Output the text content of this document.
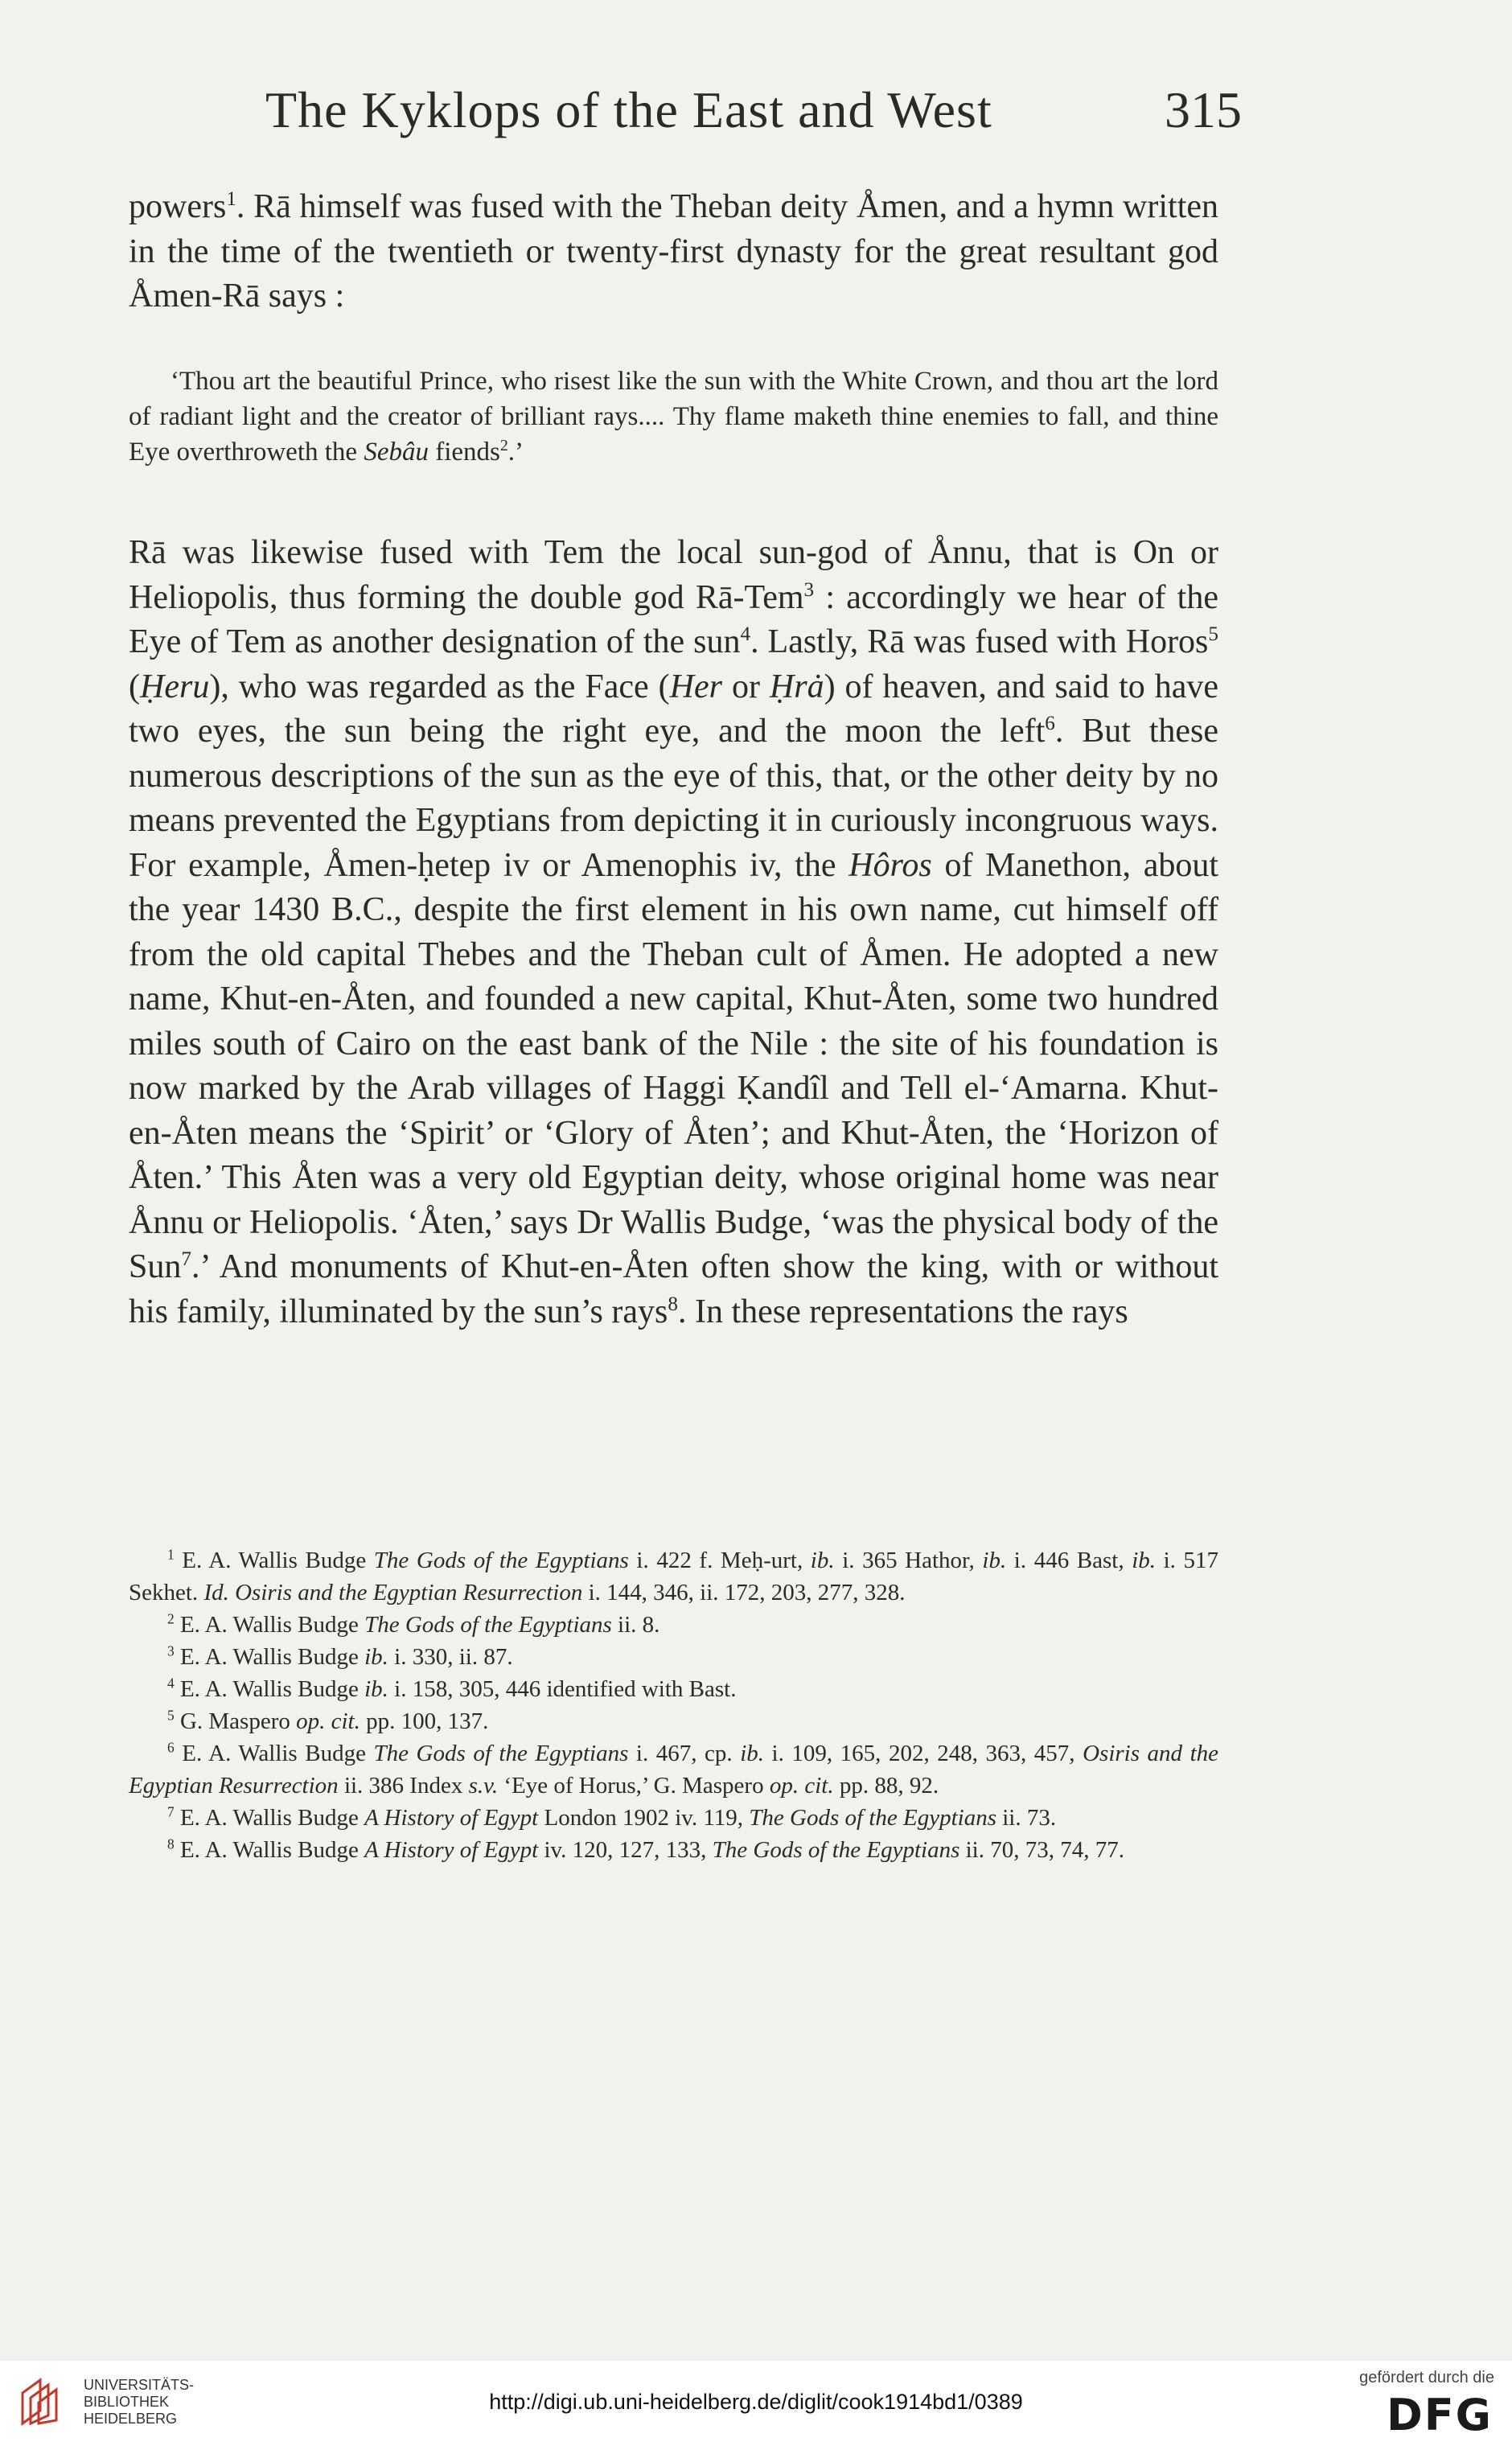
The Kyklops of the East and West	315

powers$^1$. Rā himself was fused with the Theban deity Åmen, and a hymn written in the time of the twentieth or twenty-first dynasty for the great resultant god Åmen-Rā says :

‘Thou art the beautiful Prince, who risest like the sun with the White Crown, and thou art the lord of radiant light and the creator of brilliant rays.... Thy flame maketh thine enemies to fall, and thine Eye overthroweth the Sebâu fiends$^2$.’

Rā was likewise fused with Tem the local sun-god of Ånnu, that is On or Heliopolis, thus forming the double god Rā-Tem$^3$ : accordingly we hear of the Eye of Tem as another designation of the sun$^4$. Lastly, Rā was fused with Horos$^5$ (Ḥeru), who was regarded as the Face (Her or Ḥrȧ) of heaven, and said to have two eyes, the sun being the right eye, and the moon the left$^6$. But these numerous descriptions of the sun as the eye of this, that, or the other deity by no means prevented the Egyptians from depicting it in curiously incongruous ways. For example, Åmen-ḥetep iv or Amenophis iv, the Hôros of Manethon, about the year 1430 B.C., despite the first element in his own name, cut himself off from the old capital Thebes and the Theban cult of Åmen. He adopted a new name, Khut-en-Åten, and founded a new capital, Khut-Åten, some two hundred miles south of Cairo on the east bank of the Nile : the site of his foundation is now marked by the Arab villages of Haggi Ḳandîl and Tell el-‘Amarna. Khut-en-Åten means the ‘Spirit’ or ‘Glory of Åten’; and Khut-Åten, the ‘Horizon of Åten.’ This Åten was a very old Egyptian deity, whose original home was near Ånnu or Heliopolis. ‘Åten,’ says Dr Wallis Budge, ‘was the physical body of the Sun$^7$.’ And monuments of Khut-en-Åten often show the king, with or without his family, illuminated by the sun’s rays$^8$. In these representations the rays

$^1$ E. A. Wallis Budge The Gods of the Egyptians i. 422 f. Meḥ-urt, ib. i. 365 Hathor, ib. i. 446 Bast, ib. i. 517 Sekhet. Id. Osiris and the Egyptian Resurrection i. 144, 346, ii. 172, 203, 277, 328.

$^2$ E. A. Wallis Budge The Gods of the Egyptians ii. 8.

$^3$ E. A. Wallis Budge ib. i. 330, ii. 87.

$^4$ E. A. Wallis Budge ib. i. 158, 305, 446 identified with Bast.

$^5$ G. Maspero op. cit. pp. 100, 137.

$^6$ E. A. Wallis Budge The Gods of the Egyptians i. 467, cp. ib. i. 109, 165, 202, 248, 363, 457, Osiris and the Egyptian Resurrection ii. 386 Index s.v. ‘Eye of Horus,’ G. Maspero op. cit. pp. 88, 92.

$^7$ E. A. Wallis Budge A History of Egypt London 1902 iv. 119, The Gods of the Egyptians ii. 73.

$^8$ E. A. Wallis Budge A History of Egypt iv. 120, 127, 133, The Gods of the Egyptians ii. 70, 73, 74, 77.

UNIVERSITÄTS-
BIBLIOTHEK
HEIDELBERG
http://digi.ub.uni-heidelberg.de/diglit/cook1914bd1/0389
gefördert durch die
DFG
